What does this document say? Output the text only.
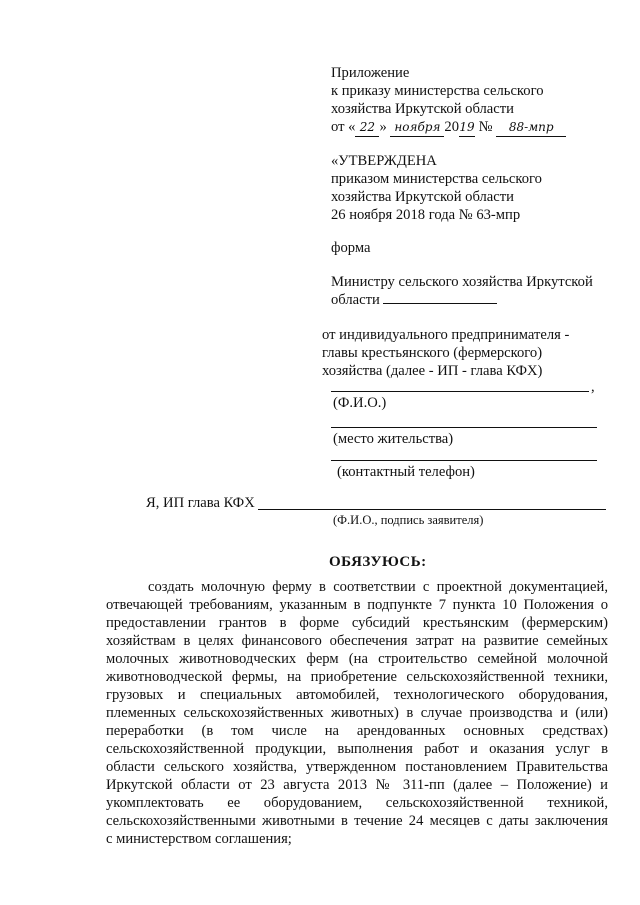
Приложение
к приказу министерства сельского
хозяйства Иркутской области
от « 22 » ноября 2019 № 88-мпр
«УТВЕРЖДЕНА
приказом министерства сельского
хозяйства Иркутской области
26 ноября 2018 года № 63-мпр
форма
Министру сельского хозяйства Иркутской
области
от индивидуального предпринимателя -
главы крестьянского (фермерского)
хозяйства (далее - ИП - глава КФХ)
,
(Ф.И.О.)
(место жительства)
(контактный телефон)
Я, ИП глава КФХ
(Ф.И.О., подпись заявителя)
ОБЯЗУЮСЬ:
создать молочную ферму в соответствии с проектной документацией,
отвечающей требованиям, указанным в подпункте 7 пункта 10 Положения о
предоставлении грантов в форме субсидий крестьянским (фермерским)
хозяйствам в целях финансового обеспечения затрат на развитие семейных
молочных животноводческих ферм (на строительство семейной молочной
животноводческой фермы, на приобретение сельскохозяйственной техники,
грузовых и специальных автомобилей, технологического оборудования,
племенных сельскохозяйственных животных) в случае производства и (или)
переработки (в том числе на арендованных основных средствах)
сельскохозяйственной продукции, выполнения работ и оказания услуг в
области сельского хозяйства, утвержденном постановлением Правительства
Иркутской области от 23 августа 2013 № 311-пп (далее – Положение) и
укомплектовать ее оборудованием, сельскохозяйственной техникой,
сельскохозяйственными животными в течение 24 месяцев с даты заключения
с министерством соглашения;
